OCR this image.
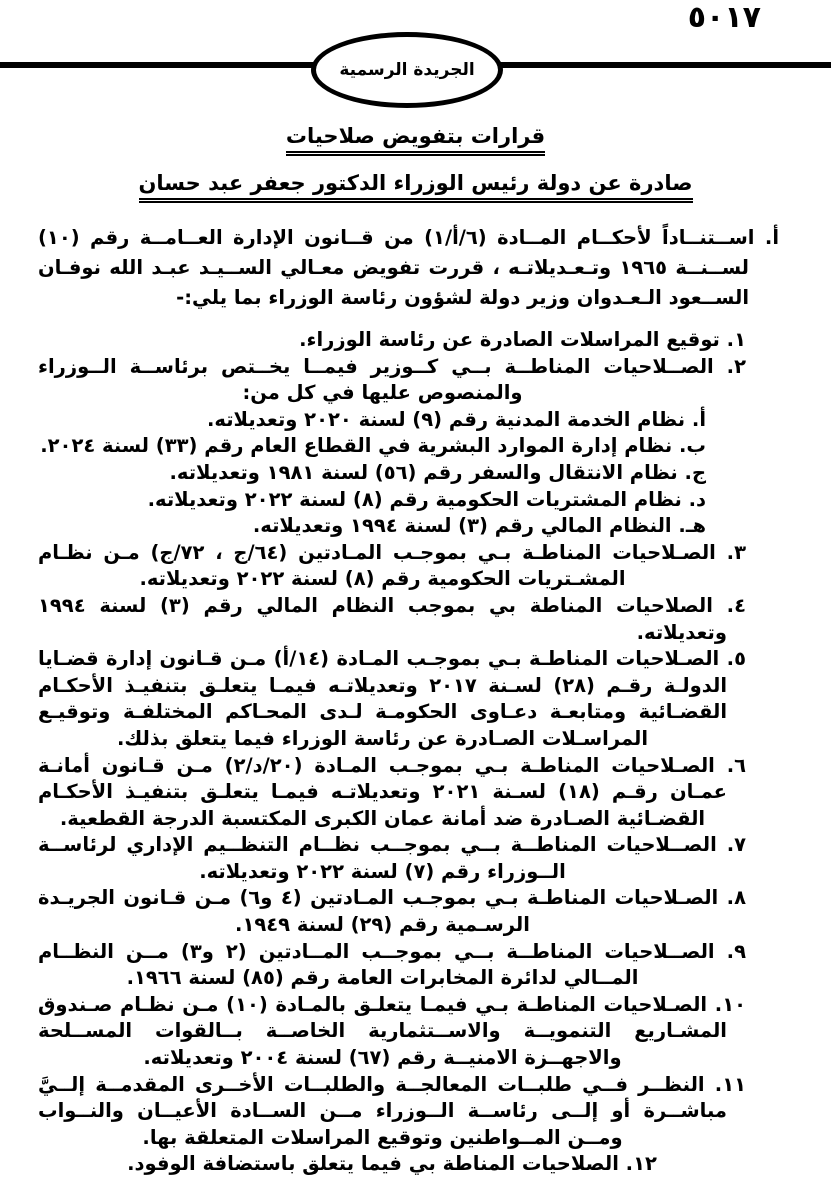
٥٠١٧
الجريدة الرسمية
قرارات بتفويض صلاحيات
صادرة عن دولة رئيس الوزراء الدكتور جعفر عبد حسان

أ. اســتنــاداً لأحكــام المــادة (٦/أ/١) من قــانون الإدارة العــامــة رقم (١٠) لســنــة ١٩٦٥ وتـعـديلاتـه ، قررت تفويض معـالي الســيـد عبـد الله نوفـان الســعود الـعـدوان وزير دولة لشؤون رئاسة الوزراء بما يلي:-

١. توقيع المراسلات الصادرة عن رئاسة الوزراء.

٢. الصــلاحيات المناطــة بــي كــوزير فيمــا يخــتص برئاســة الــوزراء والمنصوص عليها في كل من:

أ. نظام الخدمة المدنية رقم (٩) لسنة ٢٠٢٠ وتعديلاته.

ب. نظام إدارة الموارد البشرية في القطاع العام رقم (٣٣) لسنة ٢٠٢٤.

ج. نظام الانتقال والسفر رقم (٥٦) لسنة ١٩٨١ وتعديلاته.

د. نظام المشتريات الحكومية رقم (٨) لسنة ٢٠٢٢ وتعديلاته.

هـ. النظام المالي رقم (٣) لسنة ١٩٩٤ وتعديلاته.

٣. الصـلاحيات المناطـة بـي بموجـب المـادتين (٦٤/ج ، ٧٢/ج) مـن نظـام المشـتريات الحكومية رقم (٨) لسنة ٢٠٢٢ وتعديلاته.

٤. الصلاحيات المناطة بي بموجب النظام المالي رقم (٣) لسنة ١٩٩٤ وتعديلاته.

٥. الصـلاحيات المناطـة بـي بموجـب المـادة (١٤/أ) مـن قـانون إدارة قضـايا الدولـة رقـم (٢٨) لسـنة ٢٠١٧ وتعديلاتـه فيمـا يتعلـق بتنفيـذ الأحكـام القضـائية ومتابعـة دعـاوى الحكومـة لـدى المحـاكم المختلفـة وتوقيـع المراسـلات الصـادرة عن رئاسة الوزراء فيما يتعلق بذلك.

٦. الصـلاحيات المناطـة بـي بموجـب المـادة (٢٠/د/٢) مـن قـانون أمانـة عمـان رقـم (١٨) لسـنة ٢٠٢١ وتعديلاتـه فيمـا يتعلـق بتنفيـذ الأحكـام القضـائية الصـادرة ضد أمانة عمان الكبرى المكتسبة الدرجة القطعية.

٧. الصــلاحيات المناطــة بــي بموجــب نظــام التنظــيم الإداري لرئاســة الــوزراء رقم (٧) لسنة ٢٠٢٢ وتعديلاته.

٨. الصـلاحيات المناطـة بـي بموجـب المـادتين (٤ و٦) مـن قـانون الجريـدة الرسـمية رقم (٢٩) لسنة ١٩٤٩.

٩. الصــلاحيات المناطــة بــي بموجــب المــادتين (٢ و٣) مــن النظــام المــالي لدائرة المخابرات العامة رقم (٨٥) لسنة ١٩٦٦.

١٠. الصـلاحيات المناطـة بـي فيمـا يتعلـق بالمـادة (١٠) مـن نظـام صـندوق المشـاريع التنمويــة والاســتثمارية الخاصــة بــالقوات المســلحة والاجهــزة الامنيــة رقم (٦٧) لسنة ٢٠٠٤ وتعديلاته.

١١. النظــر فــي طلبــات المعالجــة والطلبــات الأخــرى المقدمــة إلــيَّ مباشــرة أو إلــى رئاســة الــوزراء مــن الســادة الأعيــان والنــواب ومــن المــواطنين وتوقيع المراسلات المتعلقة بها.

١٢. الصلاحيات المناطة بي فيما يتعلق باستضافة الوفود.
